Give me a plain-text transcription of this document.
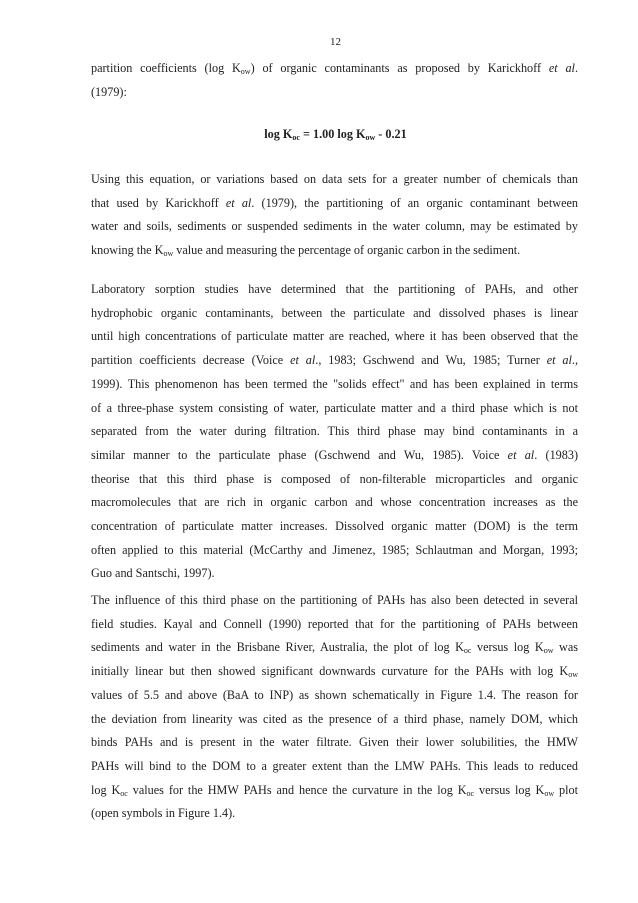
12
partition coefficients (log $K_{ow}$) of organic contaminants as proposed by Karickhoff et al.
(1979):
$\log K_{oc} = 1.00$ $\log K_{ow} - 0.21$
Using this equation, or variations based on data sets for a greater number of chemicals than
that used by Karickhoff et al. (1979), the partitioning of an organic contaminant between
water and soils, sediments or suspended sediments in the water column, may be estimated by
knowing the $K_{ow}$ value and measuring the percentage of organic carbon in the sediment.
Laboratory sorption studies have determined that the partitioning of PAHs, and other
hydrophobic organic contaminants, between the particulate and dissolved phases is linear
until high concentrations of particulate matter are reached, where it has been observed that the
partition coefficients decrease (Voice et al., 1983; Gschwend and Wu, 1985; Turner et al.,
1999). This phenomenon has been termed the "solids effect" and has been explained in terms
of a three-phase system consisting of water, particulate matter and a third phase which is not
separated from the water during filtration. This third phase may bind contaminants in a
similar manner to the particulate phase (Gschwend and Wu, 1985). Voice et al. (1983)
theorise that this third phase is composed of non-filterable microparticles and organic
macromolecules that are rich in organic carbon and whose concentration increases as the
concentration of particulate matter increases. Dissolved organic matter (DOM) is the term
often applied to this material (McCarthy and Jimenez, 1985; Schlautman and Morgan, 1993;
Guo and Santschi, 1997).
The influence of this third phase on the partitioning of PAHs has also been detected in several
field studies. Kayal and Connell (1990) reported that for the partitioning of PAHs between
sediments and water in the Brisbane River, Australia, the plot of $\log K_{oc}$ versus $\log K_{ow}$ was
initially linear but then showed significant downwards curvature for the PAHs with $\log K_{ow}$
values of 5.5 and above (BaA to INP) as shown schematically in Figure 1.4. The reason for
the deviation from linearity was cited as the presence of a third phase, namely DOM, which
binds PAHs and is present in the water filtrate. Given their lower solubilities, the HMW
PAHs will bind to the DOM to a greater extent than the LMW PAHs. This leads to reduced
$\log K_{oc}$ values for the HMW PAHs and hence the curvature in the $\log K_{oc}$ versus $\log K_{ow}$ plot
(open symbols in Figure 1.4).
